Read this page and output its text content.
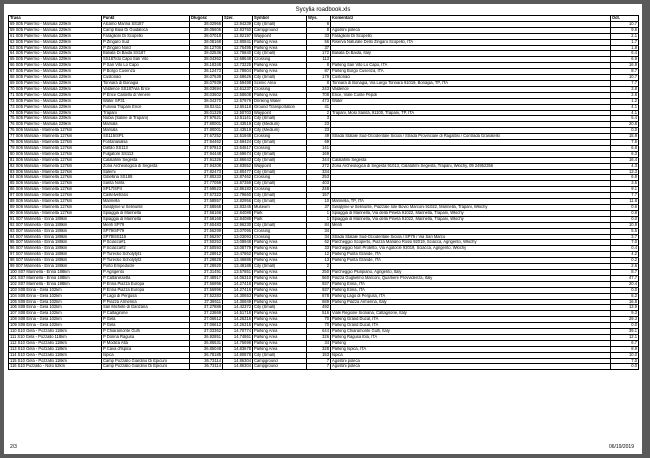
Sycylia roadbook.xls
Trasa	Punkt	Długość	Szer.	Symbol	Wys.	Komentarz	Odl.
69 S05 Palermo - Marsala 229km	Alcamo Marina SS187	38.02966	12.94239	City (Small)	8		10.7
59 S05 Palermo - Marsala 229km	Camp Baia Di Guidaloca	38.05606	12.83760	Campground	8	Agostini poleca	9.6
61 S05 Palermo - Marsala 229km	Faraglioni Di Scopello	38.07018	12.82197	Waypoint	33	Faraglioni Di Scopello	2.1
62 S05 Palermo - Marsala 229km	P Zingaro Sud	38.08168	12.80841	Parking Area	56	Riserva Naturale Dello Zingaro Scopello, ITA	1.7
63 S05 Palermo - Marsala 229km	P Zingaro Nord	38.12706	12.75495	Parking Area	37		1.9
64 S05 Palermo - Marsala 229km	Baliata Di Baida SS187	38.02536	12.75840	City (Small)	172	Baliata Di Baida, Italy	6.4
65 S05 Palermo - Marsala 229km	SS187/do Capo San Vito	38.04362	12.68648	Crossing	113		6.9
66 S05 Palermo - Marsala 229km	P San Vito Lo Capo	38.18348	12.73225	Parking Area	8	Parking San Vito Lo Capo, ITA	16.9
67 S05 Palermo - Marsala 229km	P Borgo Cusenza	38.12473	12.78804	Parking Area	87	Parking Borgo Cusenza, ITA	8.7
68 S05 Palermo - Marsala 229km	Custonaci	38.07539	12.68626	City (Small)	179	Custonaci	10.7
69 S05 Palermo - Marsala 229km	Tonnara di Bonagia	38.07939	12.59498	Scenic Area	8	Tonnara di Bonagia, Via Largo Tonnara 91019, Bonagia, TP, ITA	7.7
70 S05 Palermo - Marsala 229km	Valdence SS187/via Erice	38.03694	12.61237	Crossing	243	Valdence	3.8
71 S05 Palermo - Marsala 229km	P Erice Castello di Venere	38.03602	12.58608	Parking Area	708	Erice, Viale Conte Pepoli	2.8
72 S05 Palermo - Marsala 229km	Water SP31	38.04370	12.57979	Drinking Water	473	Water	1.2
73 S05 Palermo - Marsala 229km	Funivia Trapani Erice	38.02411	12.55118	Ground Transportation	41		4.1
74 S05 Palermo - Marsala 229km	Trapani	38.01329	12.50703	Waypoint	2	Trapani, Molo Sanità, 91100, Trapani, TP, ITA	4.1
75 S05 Palermo - Marsala 229km	Nubia (Saline di Trapani)	37.97621	12.51141	City (Small)	3		5.4
76 S05 Palermo - Marsala 229km	Marsala	37.80001	12.43519	City (Medium)	23		20.8
76 S06 Marsala - Marinella 127km	Marsala	37.80001	12.43519	City (Medium)	23		0.0
77 S06 Marsala - Marinella 127km	SS115/SP1	37.67252	12.51948	Crossing	49	Strada Statale Sud-Occidentale Sicula / Strada Provinciale di Ragattisi / Contrada Granatello	15.9
78 S06 Marsala - Marinella 127km	Fontanasalsa	37.94462	12.59424	City (Small)	69		7.6
79 S06 Marsala - Marinella 127km	Dattilo SS113	37.97813	12.64617	Crossing	141		6.8
80 S06 Marsala - Marinella 127km	Fulgatore SS113	37.94448	12.69674	City (Small)	169		6.3
81 S06 Marsala - Marinella 127km	Calatafimi Segesta	37.91326	12.86643	City (Small)	344	Calatafimi Segesta	16.4
82 S06 Marsala - Marinella 127km	Zona Archeologica di Segesta	37.94208	12.83552	Waypoint	272	Zona Archeologica di Segesta 91013, Calatafimi Segesta, Trapani, Włochy, 09 24952356	4.3
83 S06 Marsala - Marinella 127km	Salemi	37.82473	12.80477	City (Small)	334		13.3
84 S06 Marsala - Marinella 127km	Gibellina SS188	37.80233	12.87462	Crossing	253		6.8
85 S06 Marsala - Marinella 127km	Santa Ninfa	37.77059	12.87359	City (Small)	403		3.5
86 S06 Marsala - Marinella 127km	SP17/SP4	37.69523	12.86183	Crossing	248		9.1
87 S06 Marsala - Marinella 127km	Castelvetrano	37.67323	12.79660	City (Small)	157		7.7
88 S06 Marsala - Marinella 127km	Marinella	37.58557	12.82956	City (Small)	10	Marinella, TP, ITA	11.8
89 S06 Marsala - Marinella 127km	Swiątynie w Selinunte	37.58568	12.83245	Museum	37	Swiątynie w Selinunte, Piazzale Iole Bovio Marconi 91022, Marinella, Trapani, Włochy	0.6
90 S06 Marsala - Marinella 127km	Spiaggia di Marinella	37.58168	12.84088	Park	1	Spiaggia di Marinella, Via della Pineta 91022, Marinella, Trapani, Włochy	0.8
91 S07 Marinella - Enna 188km	Spiaggia di Marinella	37.58168	12.84088	Park	1	Spiaggia di Marinella, Via della Pineta 91022, Marinella, Trapani, Włochy	0.0
92 S07 Marinella - Enna 188km	Menfi SP79	37.60483	12.96230	City (Small)	84	Menfi	10.9
93 S07 Marinella - Enna 188km	SP79/SP79	37.56299	13.07096	Crossing	34		5.5
94 S07 Marinella - Enna 188km	SP79/SS115	37.56297	13.03093	Crossing	34	Strada Statale Sud-Occidentale Sicula / SP79 / Via San Marco	3.7
95 S07 Marinella - Enna 188km	P Sciacca#1	37.50253	13.08948	Parking Area	62	Parcheggio Scoperto, Piazza Mariano Rossi 92019, Sciacca, Agrigento, Włochy	7.0
96 S07 Marinella - Enna 188km	P Sciacca#2	37.50593	13.08779	Parking Area	33	Parcheggio Non Protetto, Via Agatocle 92019, Sciacca, Agrigento, Włochy	0.4
97 S07 Marinella - Enna 188km	P Turecko Scholytyt1	37.28912	13.47862	Parking Area	12	Parking Punta Grande, ITA	4.2
98 S07 Marinella - Enna 188km	P Turecko Scholytyt2	37.28828	13.46886	Parking Area	13	Parking Punta Grande, ITA	0.2
99 S07 Marinella - Enna 188km	Porto Empedocle	37.28920	13.48188	City (Small)	2		2.6
100 S07 Marinella - Enna 188km	P Agrigento	37.31491	13.57851	Parking Area	250	Parcheggio Pluripiano, Agrigento, Italy	8.7
101 S07 Marinella - Enna 188km	P Caltanissetta	37.48917	14.06310	Parking Area	560	Piazza Guglielmo Marconi, Quartiere Provvidenza, Italy	47.7
102 S07 Marinella - Enna 188km	P Enna Piazza Europa	37.56996	14.27416	Parking Area	937	Parking Enna, ITA	20.4
103 S08 Enna - Gela 102km	P Enna Piazza Europa	37.56996	14.27416	Parking Area	937	Parking Enna, ITA	0.0
104 S08 Enna - Gela 102km	P Lago di Pergusa	37.52283	14.30653	Parking Area	678	Parking Lago di Pergusa, ITA	5.2
105 S08 Enna - Gela 102km	P Piazza Armerina	37.38611	14.36949	Parking Area	689	Parking Piazza Armerina, Italy	16.8
106 S08 Enna - Gela 102km	San Michele di Ganzaria	37.27886	14.42372	City (Small)	492		13.9
107 S08 Enna - Gela 102km	P Caltagirone	37.23869	14.51718	Parking Area	516	Viale Regione Siciliana, Caltagirone, Italy	9.3
108 S08 Enna - Gela 102km	P Gela	37.06612	14.26316	Parking Area	70	Parking Grand Ducal, ITA	29.3
109 S08 Enna - Gela 102km	P Gela	37.06612	14.26316	Parking Area	70	Parking Grand Ducal, ITA	0.0
110 S10 Gela - Pozzallo 118km	P Chiaramonte Gulfi	37.03362	14.70774	Parking Area	644	Parking Chiaramonte Gulfi, Italy	39.1
111 S10 Gela - Pozzallo 118km	P Donna Ragusa	36.92851	14.74861	Parking Area	326	Parking Ragusa Ibla, ITA	12.1
112 S10 Gela - Pozzallo 118km	P Modica Alta	36.86531	14.75696	Parking Area	34	Parking	6.7
113 S10 Gela - Pozzallo 118km	P Cava d'Ispica	36.85048	14.83678	Parking Area	328	Parking Ispica, ITA	8.9
114 S10 Gela - Pozzallo 118km	Ispica	36.78185	14.90878	City (Small)	153	Ispica	10.0
115 S10 Gela - Pozzallo 118km	Camp Pozzallo Giardino Di Epicuro	36.73114	14.86304	Campground	7	Agostini poleca	7.0
116 S10 Pozzallo - Noto 52km	Camp Pozzallo Giardino Di Epicuro	36.73114	14.86304	Campground	7	Agostini poleca	0.0
2/3	06/19/2019
